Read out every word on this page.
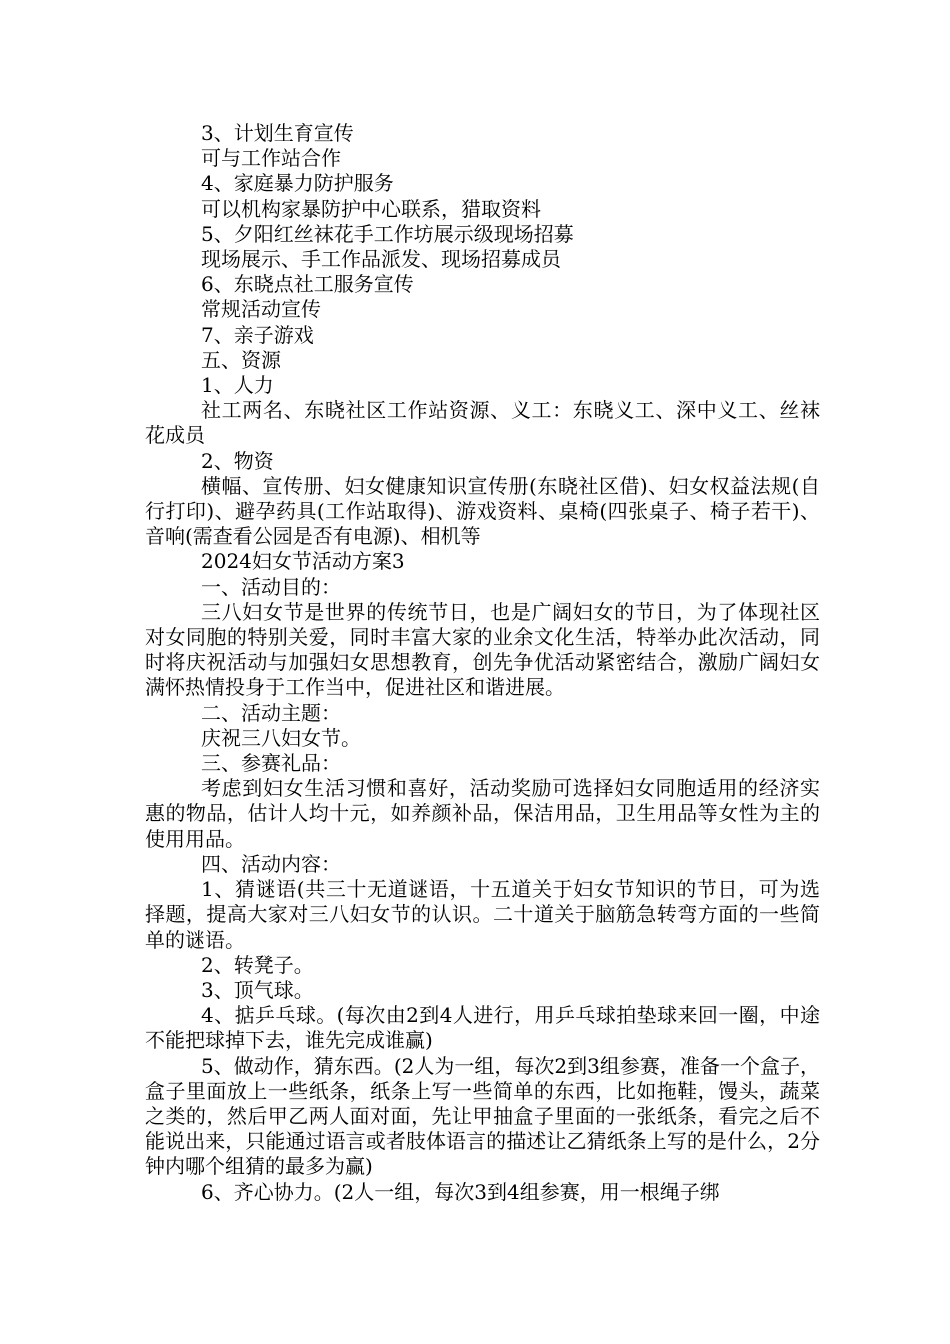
3、计划生育宣传

可与工作站合作

4、家庭暴力防护服务

可以机构家暴防护中心联系，猎取资料

5、夕阳红丝袜花手工作坊展示级现场招募

现场展示、手工作品派发、现场招募成员

6、东晓点社工服务宣传

常规活动宣传

7、亲子游戏

五、资源

1、人力

社工两名、东晓社区工作站资源、义工：东晓义工、深中义工、丝袜花成员

2、物资

横幅、宣传册、妇女健康知识宣传册(东晓社区借)、妇女权益法规(自行打印)、避孕药具(工作站取得)、游戏资料、桌椅(四张桌子、椅子若干)、音响(需查看公园是否有电源)、相机等

2024妇女节活动方案3

一、活动目的：

三八妇女节是世界的传统节日，也是广阔妇女的节日，为了体现社区对女同胞的特别关爱，同时丰富大家的业余文化生活，特举办此次活动，同时将庆祝活动与加强妇女思想教育，创先争优活动紧密结合，激励广阔妇女满怀热情投身于工作当中，促进社区和谐进展。

二、活动主题：

庆祝三八妇女节。

三、参赛礼品：

考虑到妇女生活习惯和喜好，活动奖励可选择妇女同胞适用的经济实惠的物品，估计人均十元，如养颜补品，保洁用品，卫生用品等女性为主的使用用品。

四、活动内容：

1、猜谜语(共三十无道谜语，十五道关于妇女节知识的节日，可为选择题，提高大家对三八妇女节的认识。二十道关于脑筋急转弯方面的一些简单的谜语。

2、转凳子。

3、顶气球。

4、掂乒乓球。(每次由2到4人进行，用乒乓球拍垫球来回一圈，中途不能把球掉下去，谁先完成谁赢)

5、做动作，猜东西。(2人为一组，每次2到3组参赛，准备一个盒子，盒子里面放上一些纸条，纸条上写一些简单的东西，比如拖鞋，馒头，蔬菜之类的，然后甲乙两人面对面，先让甲抽盒子里面的一张纸条，看完之后不能说出来，只能通过语言或者肢体语言的描述让乙猜纸条上写的是什么，2分钟内哪个组猜的最多为赢)

6、齐心协力。(2人一组，每次3到4组参赛，用一根绳子绑
